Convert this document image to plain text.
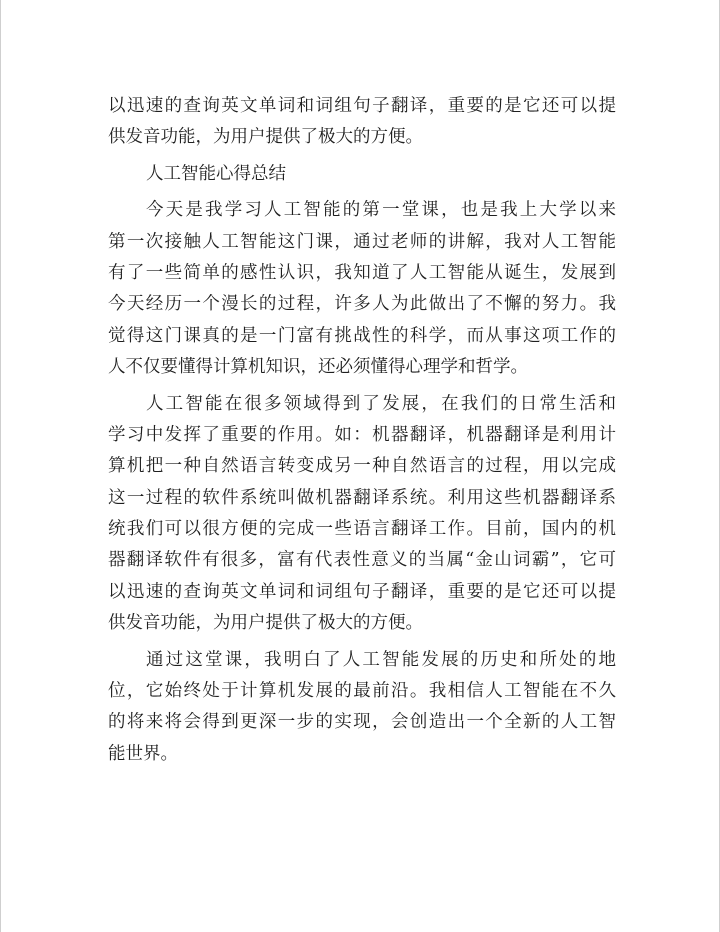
以迅速的查询英文单词和词组句子翻译，重要的是它还可以提
供发音功能，为用户提供了极大的方便。
人工智能心得总结
今天是我学习人工智能的第一堂课，也是我上大学以来
第一次接触人工智能这门课，通过老师的讲解，我对人工智能
有了一些简单的感性认识，我知道了人工智能从诞生，发展到
今天经历一个漫长的过程，许多人为此做出了不懈的努力。我
觉得这门课真的是一门富有挑战性的科学，而从事这项工作的
人不仅要懂得计算机知识，还必须懂得心理学和哲学。
人工智能在很多领域得到了发展，在我们的日常生活和
学习中发挥了重要的作用。如：机器翻译，机器翻译是利用计
算机把一种自然语言转变成另一种自然语言的过程，用以完成
这一过程的软件系统叫做机器翻译系统。利用这些机器翻译系
统我们可以很方便的完成一些语言翻译工作。目前，国内的机
器翻译软件有很多，富有代表性意义的当属“金山词霸”，它可
以迅速的查询英文单词和词组句子翻译，重要的是它还可以提
供发音功能，为用户提供了极大的方便。
通过这堂课，我明白了人工智能发展的历史和所处的地
位，它始终处于计算机发展的最前沿。我相信人工智能在不久
的将来将会得到更深一步的实现，会创造出一个全新的人工智
能世界。
